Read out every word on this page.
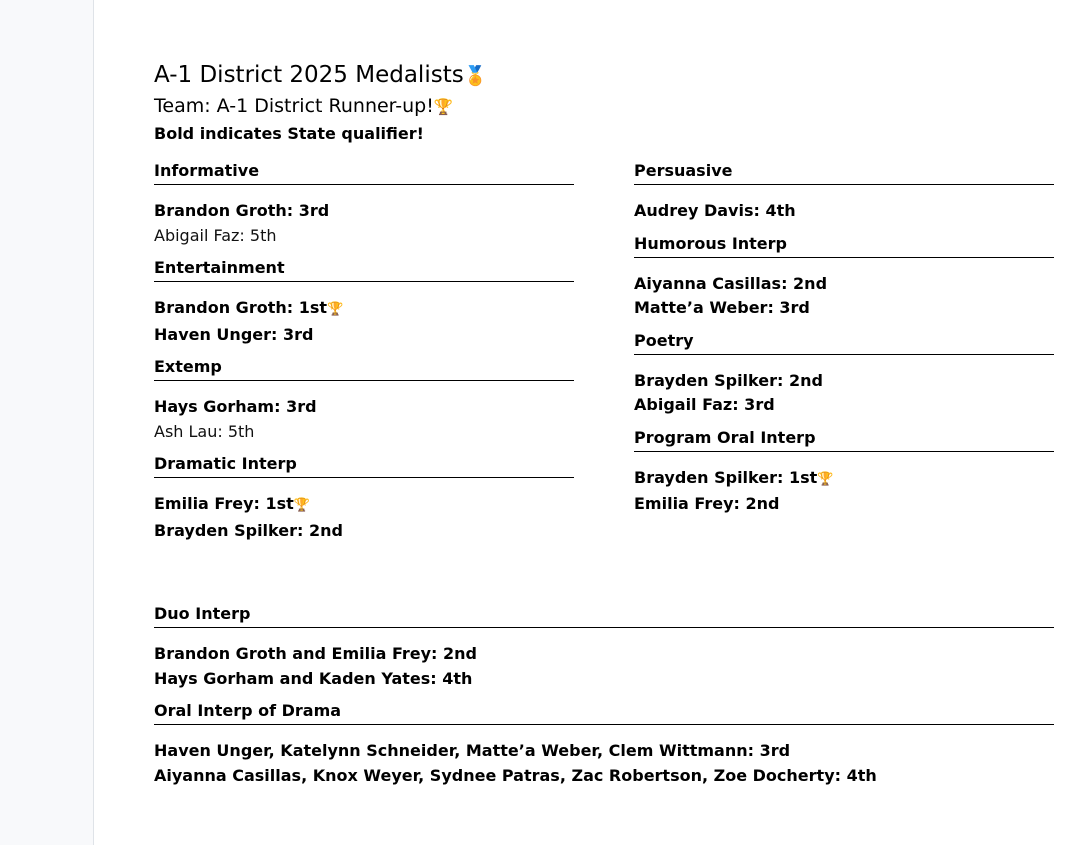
A-1 District 2025 Medalists🏅
Team: A-1 District Runner-up!🏆
Bold indicates State qualifier!
Informative
Brandon Groth: 3rd
Abigail Faz: 5th
Entertainment
Brandon Groth: 1st🏆
Haven Unger: 3rd
Extemp
Hays Gorham: 3rd
Ash Lau: 5th
Dramatic Interp
Emilia Frey: 1st🏆
Brayden Spilker: 2nd
Persuasive
Audrey Davis: 4th
Humorous Interp
Aiyanna Casillas: 2nd
Matte’a Weber: 3rd
Poetry
Brayden Spilker: 2nd
Abigail Faz: 3rd
Program Oral Interp
Brayden Spilker: 1st🏆
Emilia Frey: 2nd
Duo Interp
Brandon Groth and Emilia Frey: 2nd
Hays Gorham and Kaden Yates: 4th
Oral Interp of Drama
Haven Unger, Katelynn Schneider, Matte’a Weber, Clem Wittmann: 3rd
Aiyanna Casillas, Knox Weyer, Sydnee Patras, Zac Robertson, Zoe Docherty: 4th
